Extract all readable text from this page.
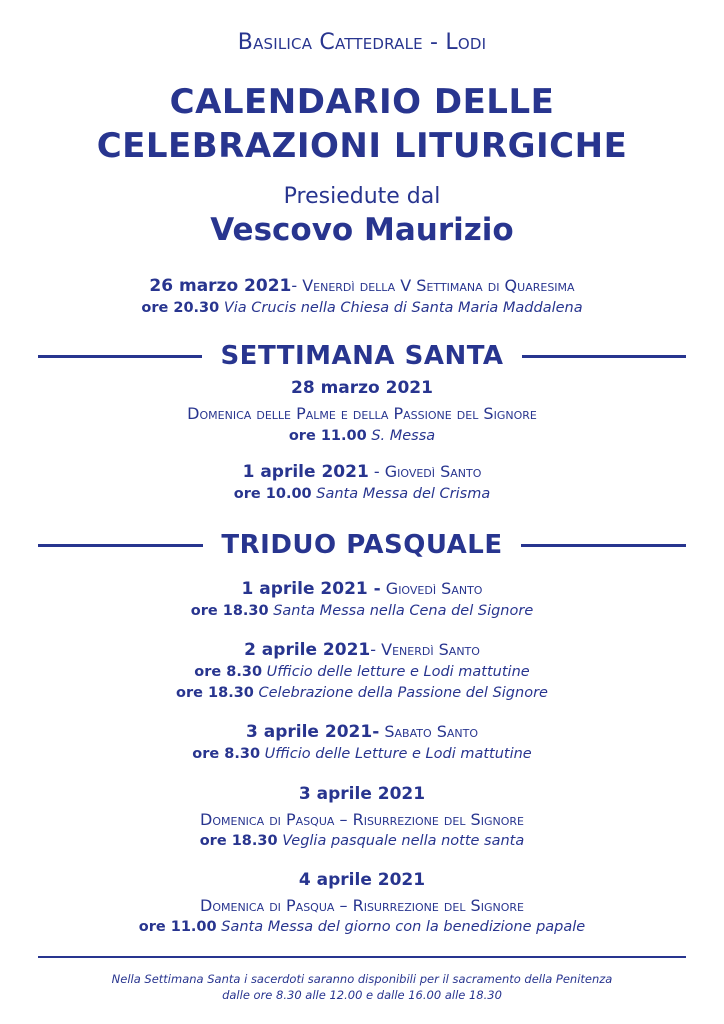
Basilica Cattedrale - Lodi
CALENDARIO DELLE
CELEBRAZIONI LITURGICHE
Presiedute dal
Vescovo Maurizio
26 marzo 2021- Venerdì della V Settimana di Quaresima
ore 20.30 Via Crucis nella Chiesa di Santa Maria Maddalena
SETTIMANA SANTA
28 marzo 2021
Domenica delle Palme e della Passione del Signore
ore 11.00 S. Messa
1 aprile 2021 - Giovedì Santo
ore 10.00 Santa Messa del Crisma
TRIDUO PASQUALE
1 aprile 2021 - Giovedì Santo
ore 18.30 Santa Messa nella Cena del Signore
2 aprile 2021- Venerdì Santo
ore 8.30 Ufficio delle letture e Lodi mattutine
ore 18.30 Celebrazione della Passione del Signore
3 aprile 2021- Sabato Santo
ore 8.30 Ufficio delle Letture e Lodi mattutine
3 aprile 2021
Domenica di Pasqua – Risurrezione del Signore
ore 18.30 Veglia pasquale nella notte santa
4 aprile 2021
Domenica di Pasqua – Risurrezione del Signore
ore 11.00 Santa Messa del giorno con la benedizione papale
Nella Settimana Santa i sacerdoti saranno disponibili per il sacramento della Penitenza
dalle ore 8.30 alle 12.00 e dalle 16.00 alle 18.30
